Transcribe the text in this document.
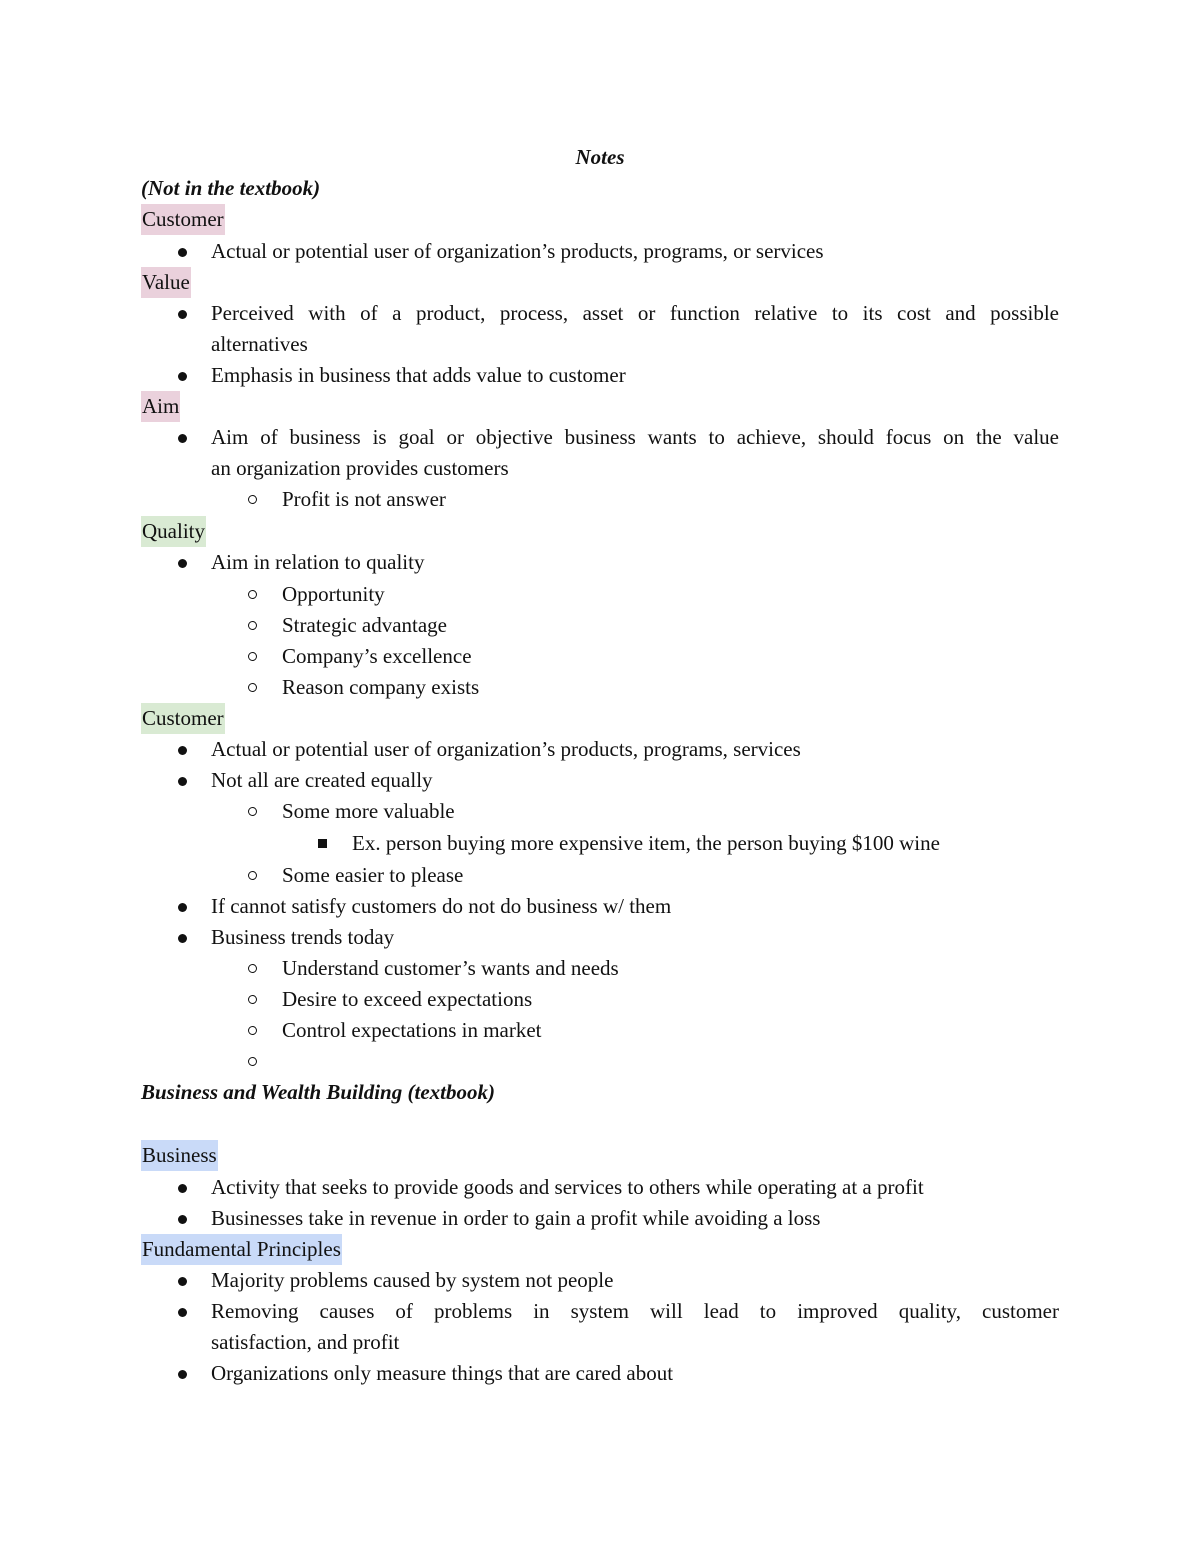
Notes
(Not in the textbook)
Customer
Actual or potential user of organization’s products, programs, or services
Value
Perceived with of a product, process, asset or function relative to its cost and possible
alternatives
Emphasis in business that adds value to customer
Aim
Aim of business is goal or objective business wants to achieve, should focus on the value
an organization provides customers
Profit is not answer
Quality
Aim in relation to quality
Opportunity
Strategic advantage
Company’s excellence
Reason company exists
Customer
Actual or potential user of organization’s products, programs, services
Not all are created equally
Some more valuable
Ex. person buying more expensive item, the person buying $100 wine
Some easier to please
If cannot satisfy customers do not do business w/ them
Business trends today
Understand customer’s wants and needs
Desire to exceed expectations
Control expectations in market
Business and Wealth Building (textbook)
Business
Activity that seeks to provide goods and services to others while operating at a profit
Businesses take in revenue in order to gain a profit while avoiding a loss
Fundamental Principles
Majority problems caused by system not people
Removing causes of problems in system will lead to improved quality, customer
satisfaction, and profit
Organizations only measure things that are cared about
